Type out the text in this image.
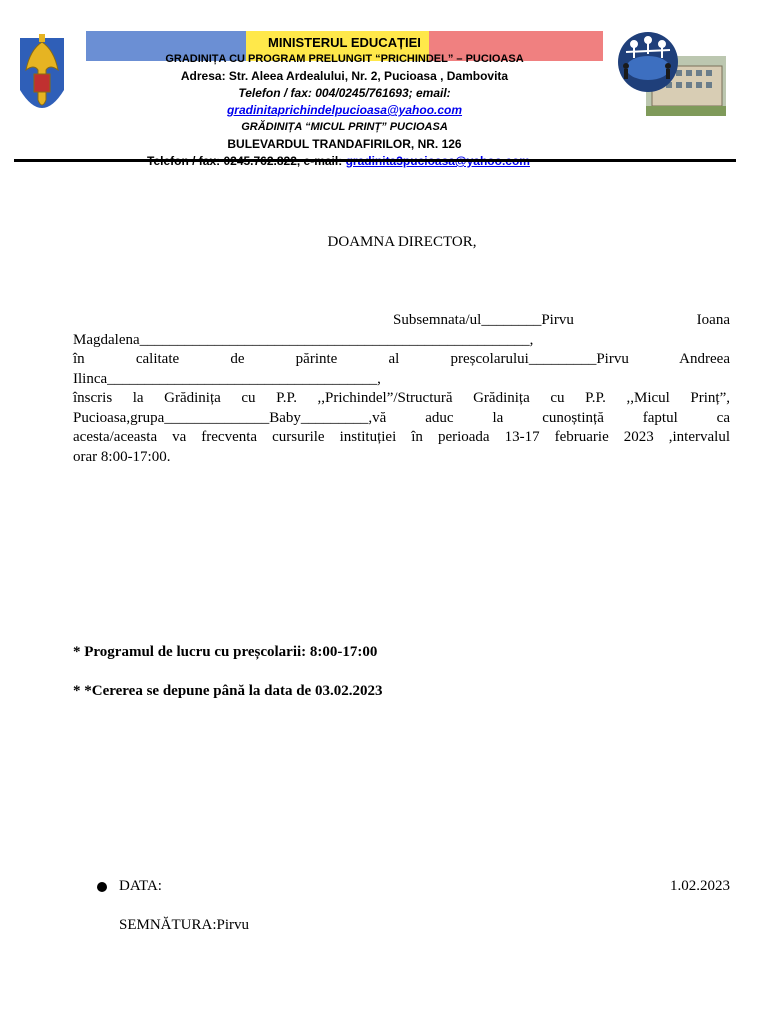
MINISTERUL EDUCAȚIEI
GRADINIȚA CU PROGRAM PRELUNGIT “PRICHINDEL” – PUCIOASA
Adresa: Str. Aleea Ardealului, Nr. 2, Pucioasa , Dambovita
Telefon / fax: 004/0245/761693; email:
gradinitaprichindelpucioasa@yahoo.com
GRĂDINIȚA “MICUL PRINȚ” PUCIOASA
BULEVARDUL TRANDAFIRILOR, NR. 126
DOAMNA DIRECTOR,
Subsemnata/ul________Pirvu Ioana
Magdalena____________________________________________________,
în calitate de părinte al preșcolarului_________Pirvu Andreea
Ilinca____________________________________,
înscris la Grădinița cu P.P. ,,Prichindel”/Structură Grădinița cu P.P. ,,Micul Prinț”,
Pucioasa,grupa______________Baby_________,vă aduc la cunoștință faptul ca
acesta/aceasta va frecventa cursurile instituției în perioada 13-17 februarie 2023 ,intervalul
orar 8:00-17:00.
* Programul de lucru cu preșcolarii: 8:00-17:00
* *Cererea se depune până la data de 03.02.2023
DATA:	1.02.2023
SEMNĂTURA:Pirvu
